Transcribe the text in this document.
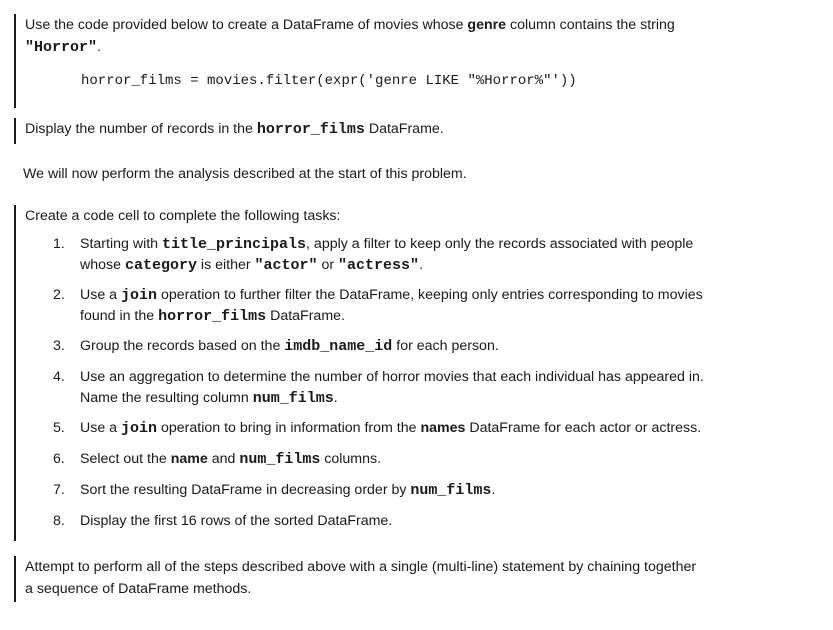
Use the code provided below to create a DataFrame of movies whose genre column contains the string
"Horror".
horror_films = movies.filter(expr('genre LIKE "%Horror%"'))
Display the number of records in the horror_films DataFrame.
We will now perform the analysis described at the start of this problem.
Create a code cell to complete the following tasks:
1. Starting with title_principals, apply a filter to keep only the records associated with people
whose category is either "actor" or "actress".
2. Use a join operation to further filter the DataFrame, keeping only entries corresponding to movies
found in the horror_films DataFrame.
3. Group the records based on the imdb_name_id for each person.
4. Use an aggregation to determine the number of horror movies that each individual has appeared in.
Name the resulting column num_films.
5. Use a join operation to bring in information from the names DataFrame for each actor or actress.
6. Select out the name and num_films columns.
7. Sort the resulting DataFrame in decreasing order by num_films.
8. Display the first 16 rows of the sorted DataFrame.
Attempt to perform all of the steps described above with a single (multi-line) statement by chaining together
a sequence of DataFrame methods.
